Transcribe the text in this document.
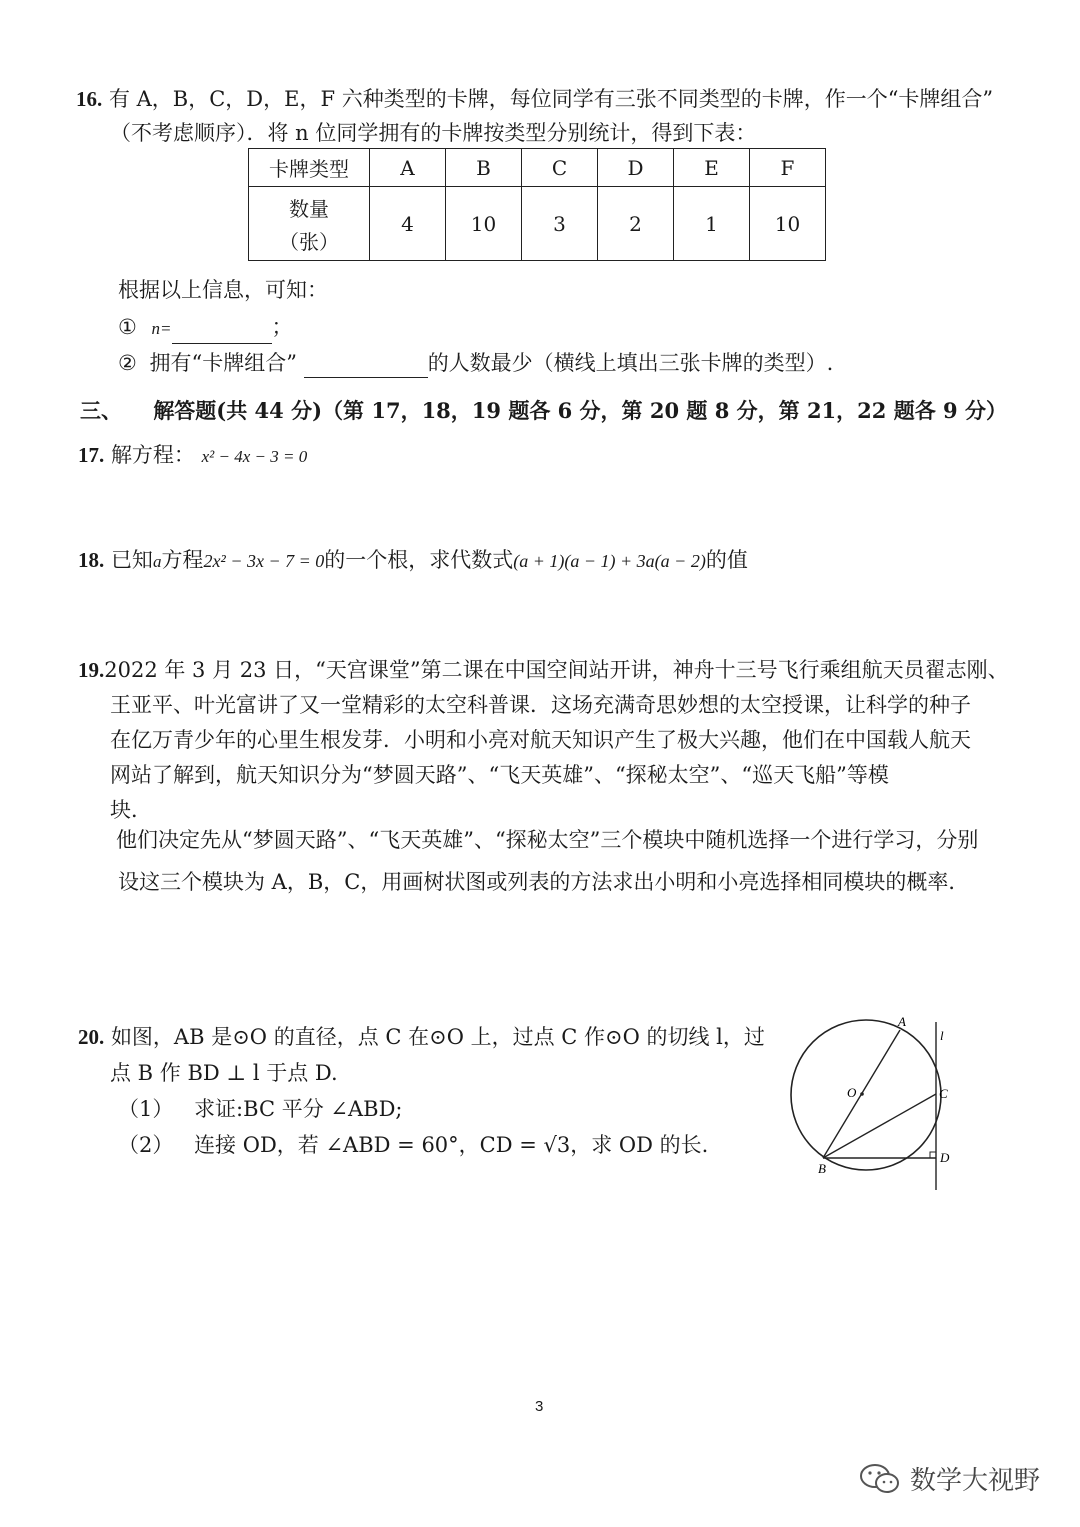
16. 有 A，B，C，D，E，F 六种类型的卡牌，每位同学有三张不同类型的卡牌，作一个“卡牌组合”
（不考虑顺序）．将 n 位同学拥有的卡牌按类型分别统计，得到下表：
卡牌类型	A	B	C	D	E	F

数量
（张）	4	10	3	2	1	10
根据以上信息，可知：
① n=	；
② 拥有“卡牌组合”	的人数最少（横线上填出三张卡牌的类型）.
三、 解答题(共 44 分)（第 17，18，19 题各 6 分，第 20 题 8 分，第 21，22 题各 9 分）
17. 解方程： x² − 4x − 3 = 0
18. 已知a方程2x² − 3x − 7 = 0的一个根，求代数式(a + 1)(a − 1) + 3a(a − 2)的值
19.2022 年 3 月 23 日，“天宫课堂”第二课在中国空间站开讲，神舟十三号飞行乘组航天员翟志刚、
王亚平、叶光富讲了又一堂精彩的太空科普课．这场充满奇思妙想的太空授课，让科学的种子
在亿万青少年的心里生根发芽．小明和小亮对航天知识产生了极大兴趣，他们在中国载人航天
网站了解到，航天知识分为“梦圆天路”、“飞天英雄”、“探秘太空”、“巡天飞船”等模
块．
他们决定先从“梦圆天路”、“飞天英雄”、“探秘太空”三个模块中随机选择一个进行学习，分别
设这三个模块为 A，B，C，用画树状图或列表的方法求出小明和小亮选择相同模块的概率．
20. 如图，AB 是⊙O 的直径，点 C 在⊙O 上，过点 C 作⊙O 的切线 l，过
点 B 作 BD ⊥ l 于点 D.
（1） 求证:BC 平分 ∠ABD;
（2） 连接 OD，若 ∠ABD = 60°，CD = √3，求 OD 的长.
A
O	C
B
D
l
3
数学大视野
